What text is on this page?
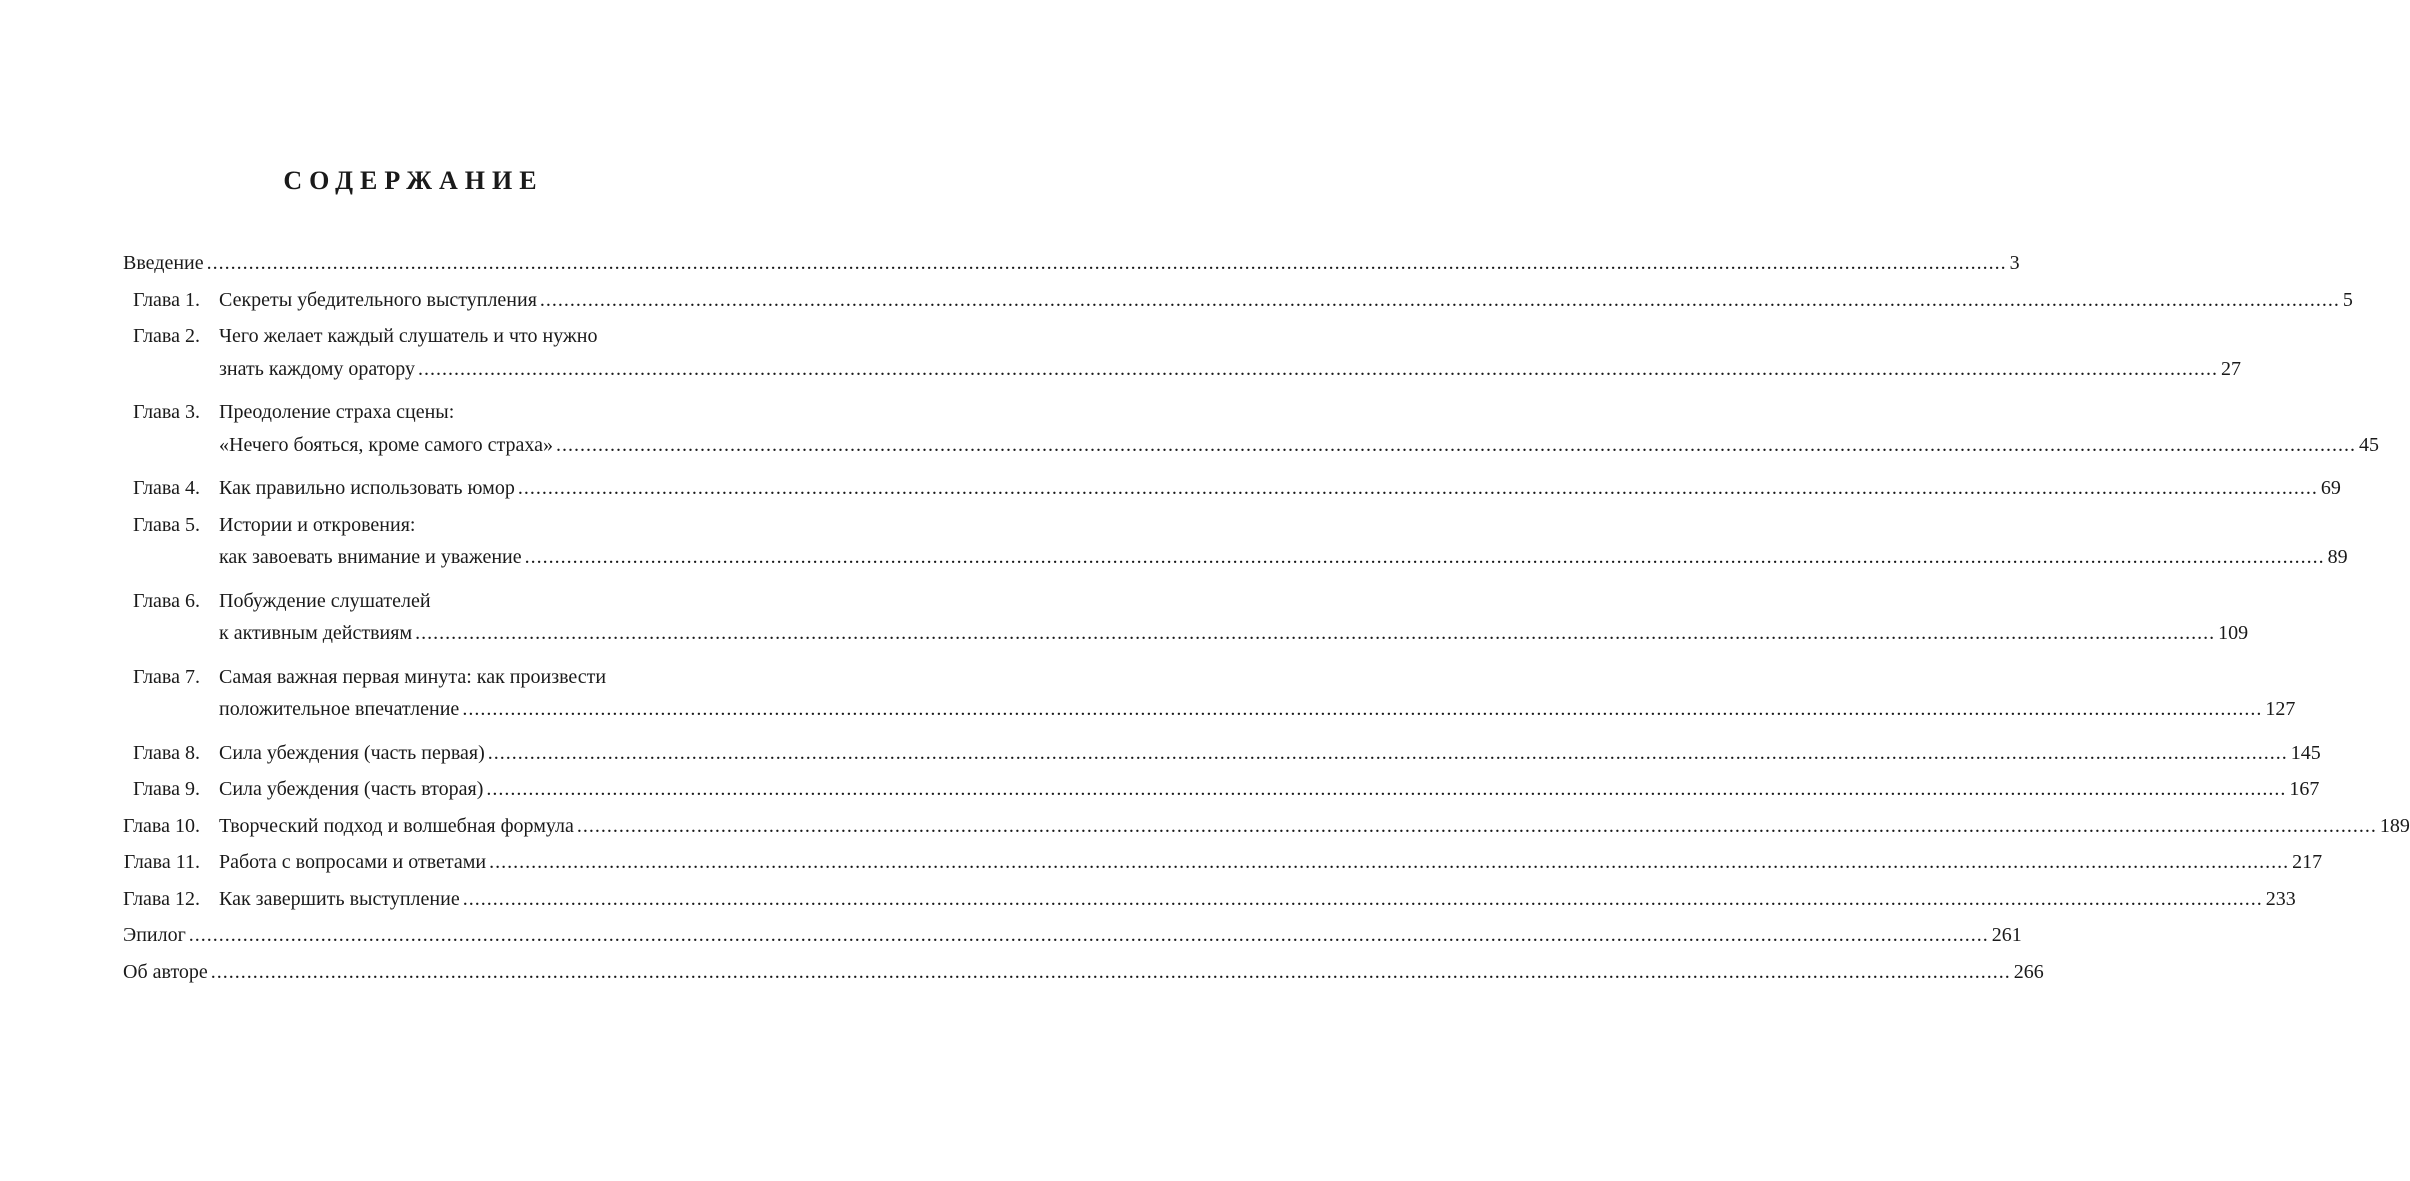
СОДЕРЖАНИЕ
Введение ............................................................................................................................................................................................................................................................................................................ 3
Глава 1. Секреты убедительного выступления ............................................................................................................................................................................................................................................................................................................ 5
Глава 2. Чего желает каждый слушатель и что нужно
знать каждому оратору ............................................................................................................................................................................................................................................................................................................ 27
Глава 3. Преодоление страха сцены:
«Нечего бояться, кроме самого страха» ............................................................................................................................................................................................................................................................................................................ 45
Глава 4. Как правильно использовать юмор ............................................................................................................................................................................................................................................................................................................ 69
Глава 5. Истории и откровения:
как завоевать внимание и уважение ............................................................................................................................................................................................................................................................................................................ 89
Глава 6. Побуждение слушателей
к активным действиям ............................................................................................................................................................................................................................................................................................................ 109
Глава 7. Самая важная первая минута: как произвести
положительное впечатление ............................................................................................................................................................................................................................................................................................................ 127
Глава 8. Сила убеждения (часть первая) ............................................................................................................................................................................................................................................................................................................ 145
Глава 9. Сила убеждения (часть вторая) ............................................................................................................................................................................................................................................................................................................ 167
Глава 10. Творческий подход и волшебная формула ............................................................................................................................................................................................................................................................................................................ 189
Глава 11. Работа с вопросами и ответами ............................................................................................................................................................................................................................................................................................................ 217
Глава 12. Как завершить выступление ............................................................................................................................................................................................................................................................................................................ 233
Эпилог ............................................................................................................................................................................................................................................................................................................ 261
Об авторе ............................................................................................................................................................................................................................................................................................................ 266
